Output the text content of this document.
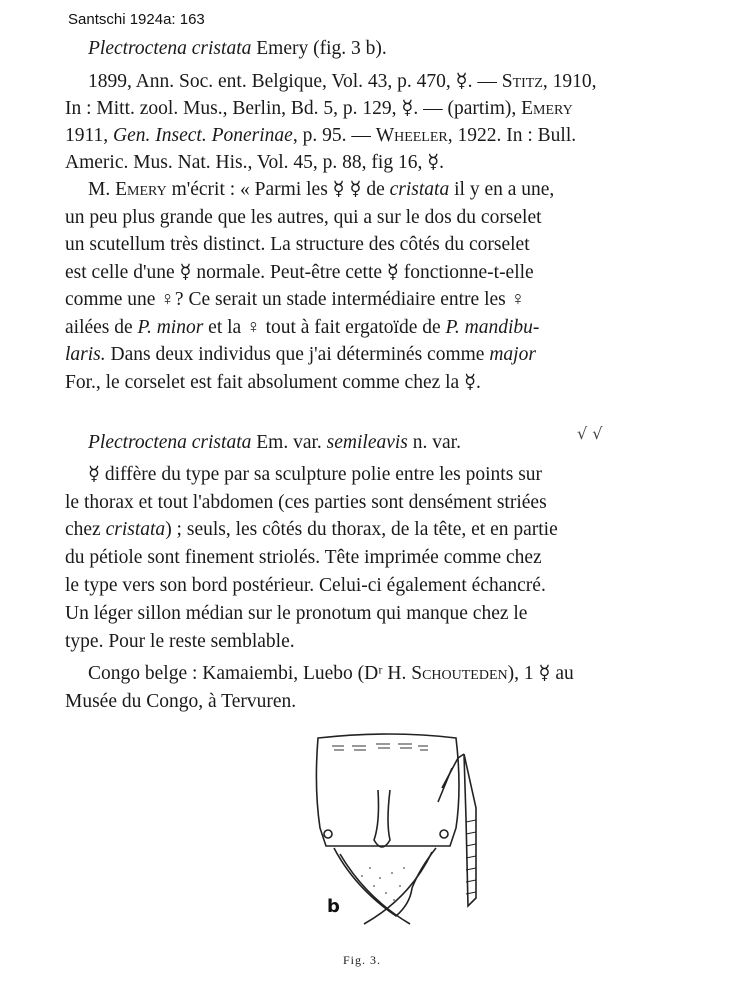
Santschi 1924a: 163
Plectroctena cristata Emery (fig. 3 b).
1899, Ann. Soc. ent. Belgique, Vol. 43, p. 470, ☿. — Stitz, 1910,
In : Mitt. zool. Mus., Berlin, Bd. 5, p. 129, ☿. — (partim), Emery
1911, Gen. Insect. Ponerinae, p. 95. — Wheeler, 1922. In : Bull.
Americ. Mus. Nat. His., Vol. 45, p. 88, fig 16, ☿.
M. Emery m'écrit : « Parmi les ☿ ☿ de cristata il y en a une,
un peu plus grande que les autres, qui a sur le dos du corselet
un scutellum très distinct. La structure des côtés du corselet
est celle d'une ☿ normale. Peut-être cette ☿ fonctionne-t-elle
comme une ♀? Ce serait un stade intermédiaire entre les ♀
ailées de P. minor et la ♀ tout à fait ergatoïde de P. mandibu-
laris. Dans deux individus que j'ai déterminés comme major
For., le corselet est fait absolument comme chez la ☿.
√ √
Plectroctena cristata Em. var. semileavis n. var.
☿ diffère du type par sa sculpture polie entre les points sur
le thorax et tout l'abdomen (ces parties sont densément striées
chez cristata) ; seuls, les côtés du thorax, de la tête, et en partie
du pétiole sont finement striolés. Tête imprimée comme chez
le type vers son bord postérieur. Celui-ci également échancré.
Un léger sillon médian sur le pronotum qui manque chez le
type. Pour le reste semblable.
Congo belge : Kamaiembi, Luebo (Dʳ H. Schouteden), 1 ☿ au
Musée du Congo, à Tervuren.
b
Fig. 3.
